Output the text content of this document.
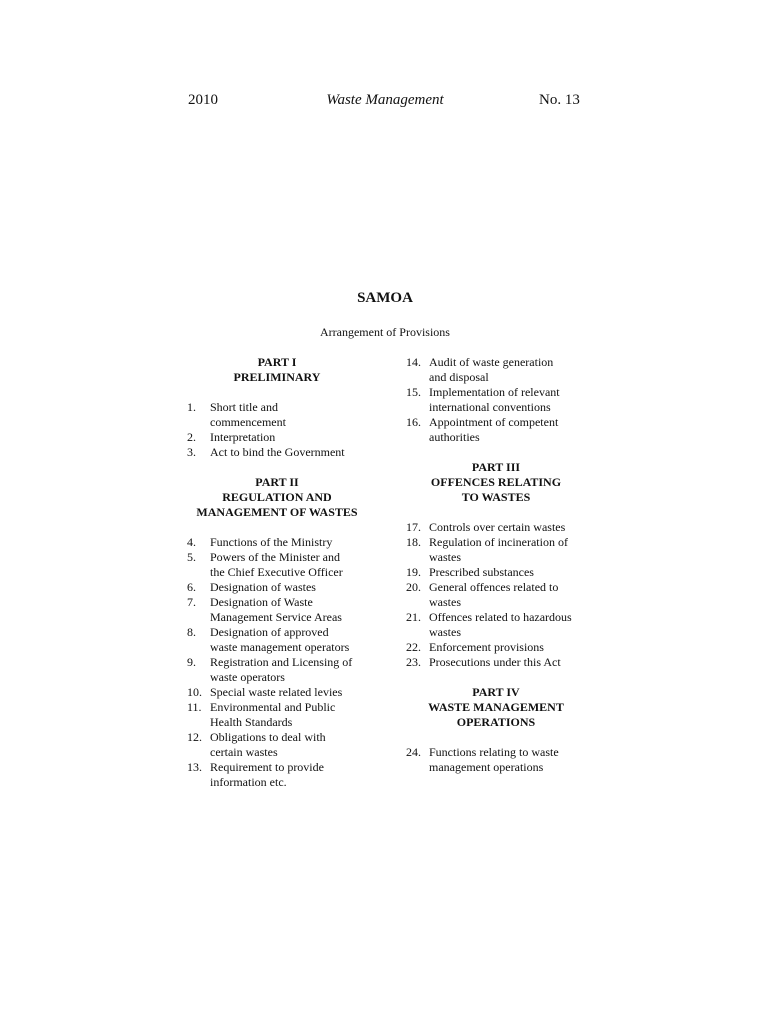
2010	Waste Management	No. 13
SAMOA
Arrangement of Provisions
PART I
PRELIMINARY
1.	Short title and
commencement
2.	Interpretation
3.	Act to bind the Government
PART II
REGULATION AND
MANAGEMENT OF WASTES
4.	Functions of the Ministry
5.	Powers of the Minister and
the Chief Executive Officer
6.	Designation of wastes
7.	Designation of Waste
Management Service Areas
8.	Designation of approved
waste management operators
9.	Registration and Licensing of
waste operators
10. Special waste related levies
11. Environmental and Public
Health Standards
12. Obligations to deal with
certain wastes
13. Requirement to provide
information etc.
14. Audit of waste generation
and disposal
15. Implementation of relevant
international conventions
16. Appointment of competent
authorities
PART III
OFFENCES RELATING
TO WASTES
17. Controls over certain wastes
18. Regulation of incineration of
wastes
19. Prescribed substances
20. General offences related to
wastes
21. Offences related to hazardous
wastes
22. Enforcement provisions
23. Prosecutions under this Act
PART IV
WASTE MANAGEMENT
OPERATIONS
24. Functions relating to waste
management operations
